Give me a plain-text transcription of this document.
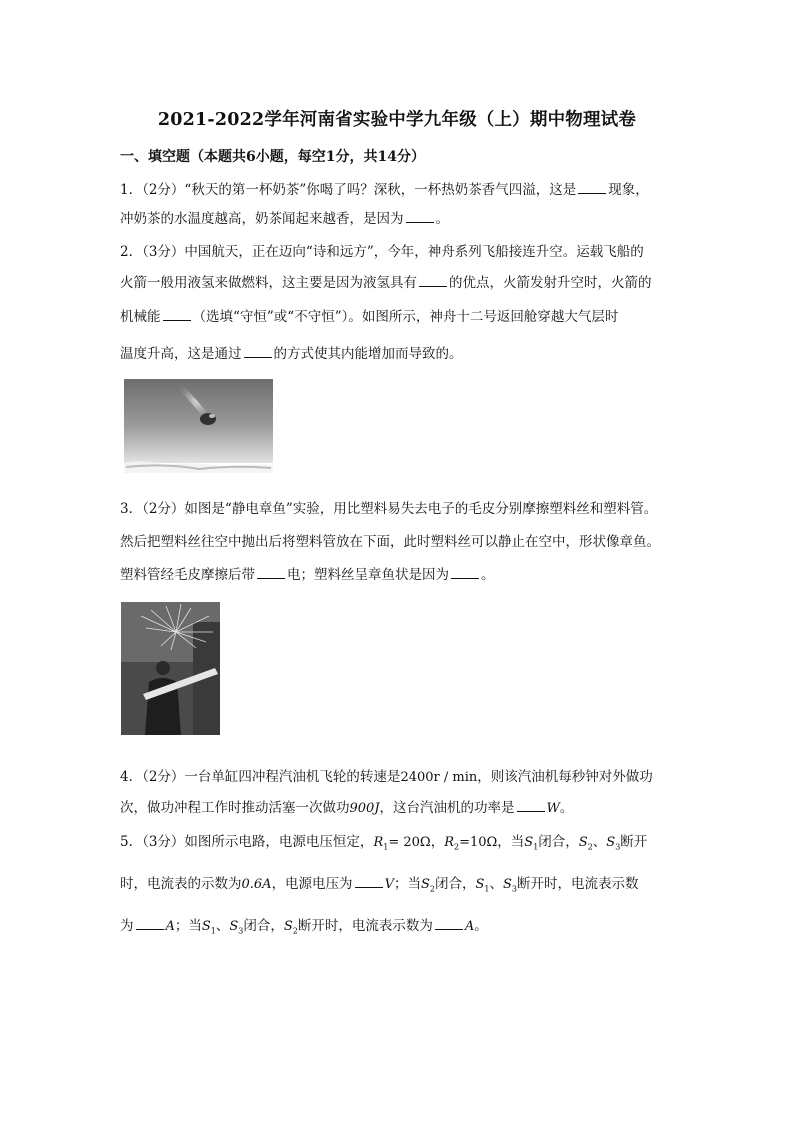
2021-2022学年河南省实验中学九年级（上）期中物理试卷
一、填空题（本题共6小题，每空1分，共14分）
1．（2分）“秋天的第一杯奶茶”你喝了吗？深秋，一杯热奶茶香气四溢，这是 现象，
冲奶茶的水温度越高，奶茶闻起来越香，是因为 。
2．（3分）中国航天，正在迈向“诗和远方”，今年，神舟系列飞船接连升空。运载飞船的
火箭一般用液氢来做燃料，这主要是因为液氢具有 的优点，火箭发射升空时，火箭的
机械能 （选填“守恒”或“不守恒”）。如图所示，神舟十二号返回舱穿越大气层时
温度升高，这是通过 的方式使其内能增加而导致的。
3．（2分）如图是“静电章鱼”实验，用比塑料易失去电子的毛皮分别摩擦塑料丝和塑料管。
然后把塑料丝往空中抛出后将塑料管放在下面，此时塑料丝可以静止在空中，形状像章鱼。
塑料管经毛皮摩擦后带 电；塑料丝呈章鱼状是因为 。
4．（2分）一台单缸四冲程汽油机飞轮的转速是2400r / min，则该汽油机每秒钟对外做功
次，做功冲程工作时推动活塞一次做功900J，这台汽油机的功率是 W。
5．（3分）如图所示电路，电源电压恒定，$R_1= 20\Omega$，$R_2=10\Omega$，当$S_1$闭合，$S_2$、$S_3$断开
时，电流表的示数为0.6A，电源电压为 V；当$S_2$闭合，$S_1$、$S_3$断开时，电流表示数
为 A；当$S_1$、$S_3$闭合，$S_2$断开时，电流表示数为 A。
